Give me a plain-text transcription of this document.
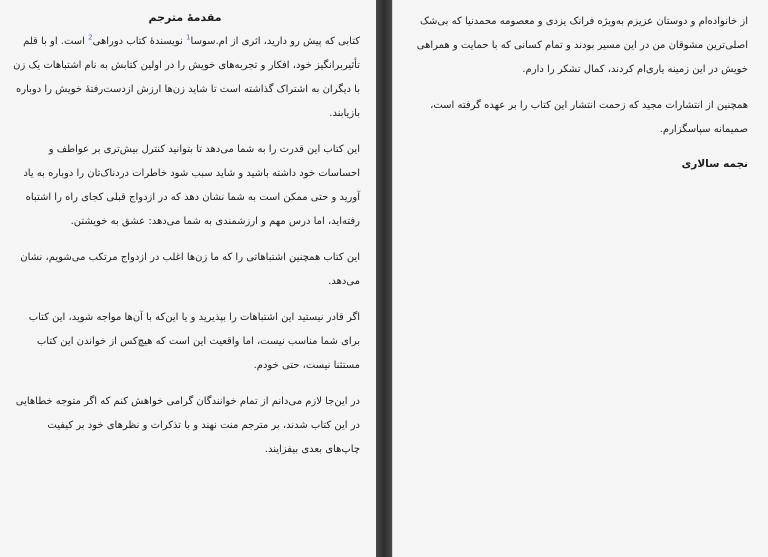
مقدمهٔ مترجم

کتابی که پیش رو دارید، اثری از ام.سوسا$^1$ نویسندهٔ کتاب دوراهی$^2$ است. او با قلم تأثیربرانگیز خود، افکار و تجربه‌های خویش را در اولین کتابش به نام اشتباهات یک زن با دیگران به اشتراک گذاشته است تا شاید زن‌ها ارزش ازدست‌رفتهٔ خویش را دوباره بازیابند.

این کتاب این قدرت را به شما می‌دهد تا بتوانید کنترل بیش‌تری بر عواطف و احساسات خود داشته باشید و شاید سبب شود خاطرات دردناک‌تان را دوباره به یاد آورید و حتی ممکن است به شما نشان دهد که در ازدواج قبلی کجای راه را اشتباه رفته‌اید، اما درس مهم و ارزشمندی به شما می‌دهد: عشق به خویشتن.

این کتاب همچنین اشتباهاتی را که ما زن‌ها اغلب در ازدواج مرتکب می‌شویم، نشان می‌دهد.

اگر قادر نیستید این اشتباهات را بپذیرید و یا این‌که با آن‌ها مواجه شوید، این کتاب برای شما مناسب نیست، اما واقعیت این است که هیچ‌کس از خواندن این کتاب مستثنا نیست، حتی خودم.

در این‌جا لازم می‌دانم از تمام خوانندگان گرامی خواهش کنم که اگر متوجه خطاهایی در این کتاب شدند، بر مترجم منت نهند و با تذکرات و نظرهای خود بر کیفیت چاپ‌های بعدی بیفزایند.

از خانواده‌ام و دوستان عزیزم به‌ویژه فرانک یزدی و معصومه محمدنیا که بی‌شک اصلی‌ترین مشوقان من در این مسیر بودند و تمام کسانی که با حمایت و همراهی خویش در این زمینه یاری‌ام کردند، کمال تشکر را دارم.

همچنین از انتشارات مجید که زحمت انتشار این کتاب را بر عهده گرفته است، صمیمانه سپاسگزارم.

نجمه سالاری
